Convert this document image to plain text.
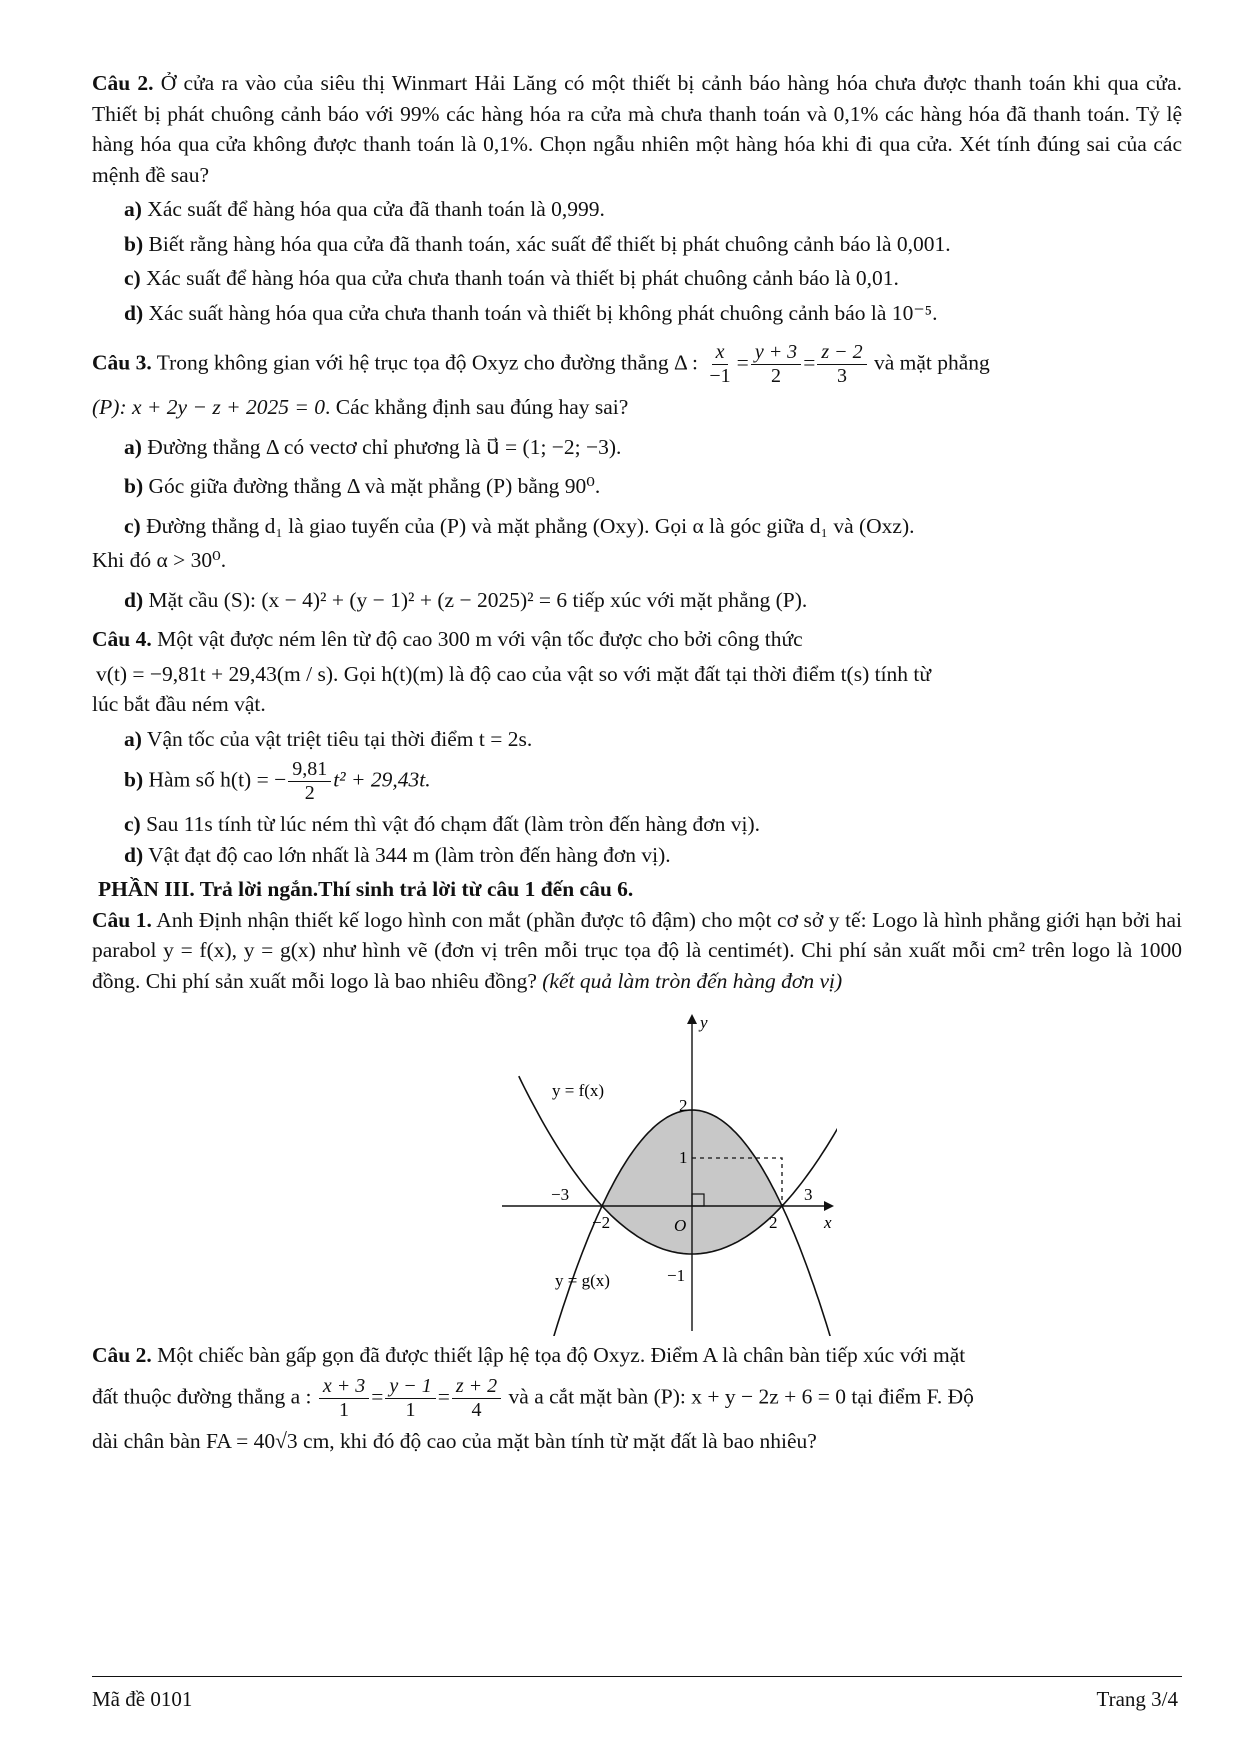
Câu 2. Ở cửa ra vào của siêu thị Winmart Hải Lăng có một thiết bị cảnh báo hàng hóa chưa được thanh toán khi qua cửa. Thiết bị phát chuông cảnh báo với 99% các hàng hóa ra cửa mà chưa thanh toán và 0,1% các hàng hóa đã thanh toán. Tỷ lệ hàng hóa qua cửa không được thanh toán là 0,1%. Chọn ngẫu nhiên một hàng hóa khi đi qua cửa. Xét tính đúng sai của các mệnh đề sau?

a) Xác suất để hàng hóa qua cửa đã thanh toán là 0,999.

b) Biết rằng hàng hóa qua cửa đã thanh toán, xác suất để thiết bị phát chuông cảnh báo là 0,001.

c) Xác suất để hàng hóa qua cửa chưa thanh toán và thiết bị phát chuông cảnh báo là 0,01.

d) Xác suất hàng hóa qua cửa chưa thanh toán và thiết bị không phát chuông cảnh báo là 10⁻⁵.

Câu 3. Trong không gian với hệ trục tọa độ Oxyz cho đường thẳng Δ : $\frac{x}{-1} = \frac{y + 3}{2} = \frac{z - 2}{3}$ và mặt phẳng

(P): x + 2y − z + 2025 = 0. Các khẳng định sau đúng hay sai?

a) Đường thẳng Δ có vectơ chỉ phương là u⃗ = (1; −2; −3).

b) Góc giữa đường thẳng Δ và mặt phẳng (P) bằng 90⁰.

c) Đường thẳng d₁ là giao tuyến của (P) và mặt phẳng (Oxy). Gọi α là góc giữa d₁ và (Oxz).

Khi đó α > 30⁰.

d) Mặt cầu (S): (x − 4)² + (y − 1)² + (z − 2025)² = 6 tiếp xúc với mặt phẳng (P).

Câu 4. Một vật được ném lên từ độ cao 300 m với vận tốc được cho bởi công thức

v(t) = −9,81t + 29,43(m / s). Gọi h(t)(m) là độ cao của vật so với mặt đất tại thời điểm t(s) tính từ

lúc bắt đầu ném vật.

a) Vận tốc của vật triệt tiêu tại thời điểm t = 2s.

b) Hàm số h(t) = − $\frac{9,81}{2} t^2 + 29,43t$.

c) Sau 11s tính từ lúc ném thì vật đó chạm đất (làm tròn đến hàng đơn vị).

d) Vật đạt độ cao lớn nhất là 344 m (làm tròn đến hàng đơn vị).

PHẦN III. Trả lời ngắn.Thí sinh trả lời từ câu 1 đến câu 6.

Câu 1. Anh Định nhận thiết kế logo hình con mắt (phần được tô đậm) cho một cơ sở y tế: Logo là hình phẳng giới hạn bởi hai parabol y = f(x), y = g(x) như hình vẽ (đơn vị trên mỗi trục tọa độ là centimét). Chi phí sản xuất mỗi cm² trên logo là 1000 đồng. Chi phí sản xuất mỗi logo là bao nhiêu đồng? (kết quả làm tròn đến hàng đơn vị)

y
x
y = f(x)
y = g(x)
2
1
−3	3
−2	O	2
−1

Câu 2. Một chiếc bàn gấp gọn đã được thiết lập hệ tọa độ Oxyz. Điểm A là chân bàn tiếp xúc với mặt

đất thuộc đường thẳng a : $\frac{x + 3}{1} = \frac{y - 1}{1} = \frac{z + 2}{4}$ và a cắt mặt bàn (P): x + y − 2z + 6 = 0 tại điểm F. Độ

dài chân bàn FA = 40√3 cm, khi đó độ cao của mặt bàn tính từ mặt đất là bao nhiêu?

Mã đề 0101	Trang 3/4
